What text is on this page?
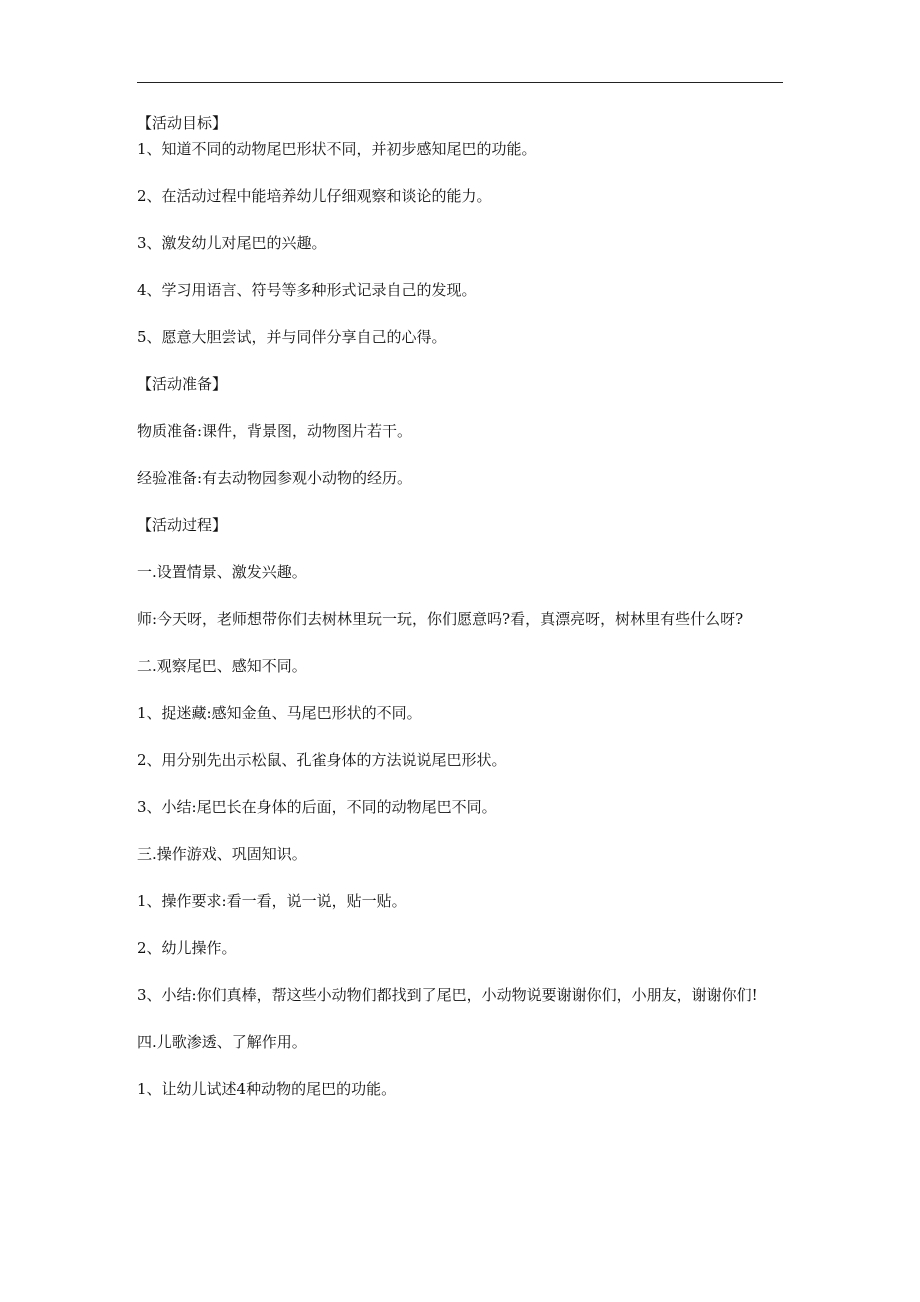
【活动目标】

1、知道不同的动物尾巴形状不同，并初步感知尾巴的功能。

2、在活动过程中能培养幼儿仔细观察和谈论的能力。

3、激发幼儿对尾巴的兴趣。

4、学习用语言、符号等多种形式记录自己的发现。

5、愿意大胆尝试，并与同伴分享自己的心得。

【活动准备】

物质准备:课件，背景图，动物图片若干。

经验准备:有去动物园参观小动物的经历。

【活动过程】

一.设置情景、激发兴趣。

师:今天呀，老师想带你们去树林里玩一玩，你们愿意吗?看，真漂亮呀，树林里有些什么呀?

二.观察尾巴、感知不同。

1、捉迷藏:感知金鱼、马尾巴形状的不同。

2、用分别先出示松鼠、孔雀身体的方法说说尾巴形状。

3、小结:尾巴长在身体的后面，不同的动物尾巴不同。

三.操作游戏、巩固知识。

1、操作要求:看一看，说一说，贴一贴。

2、幼儿操作。

3、小结:你们真棒，帮这些小动物们都找到了尾巴，小动物说要谢谢你们，小朋友，谢谢你们!

四.儿歌渗透、了解作用。

1、让幼儿试述4种动物的尾巴的功能。
